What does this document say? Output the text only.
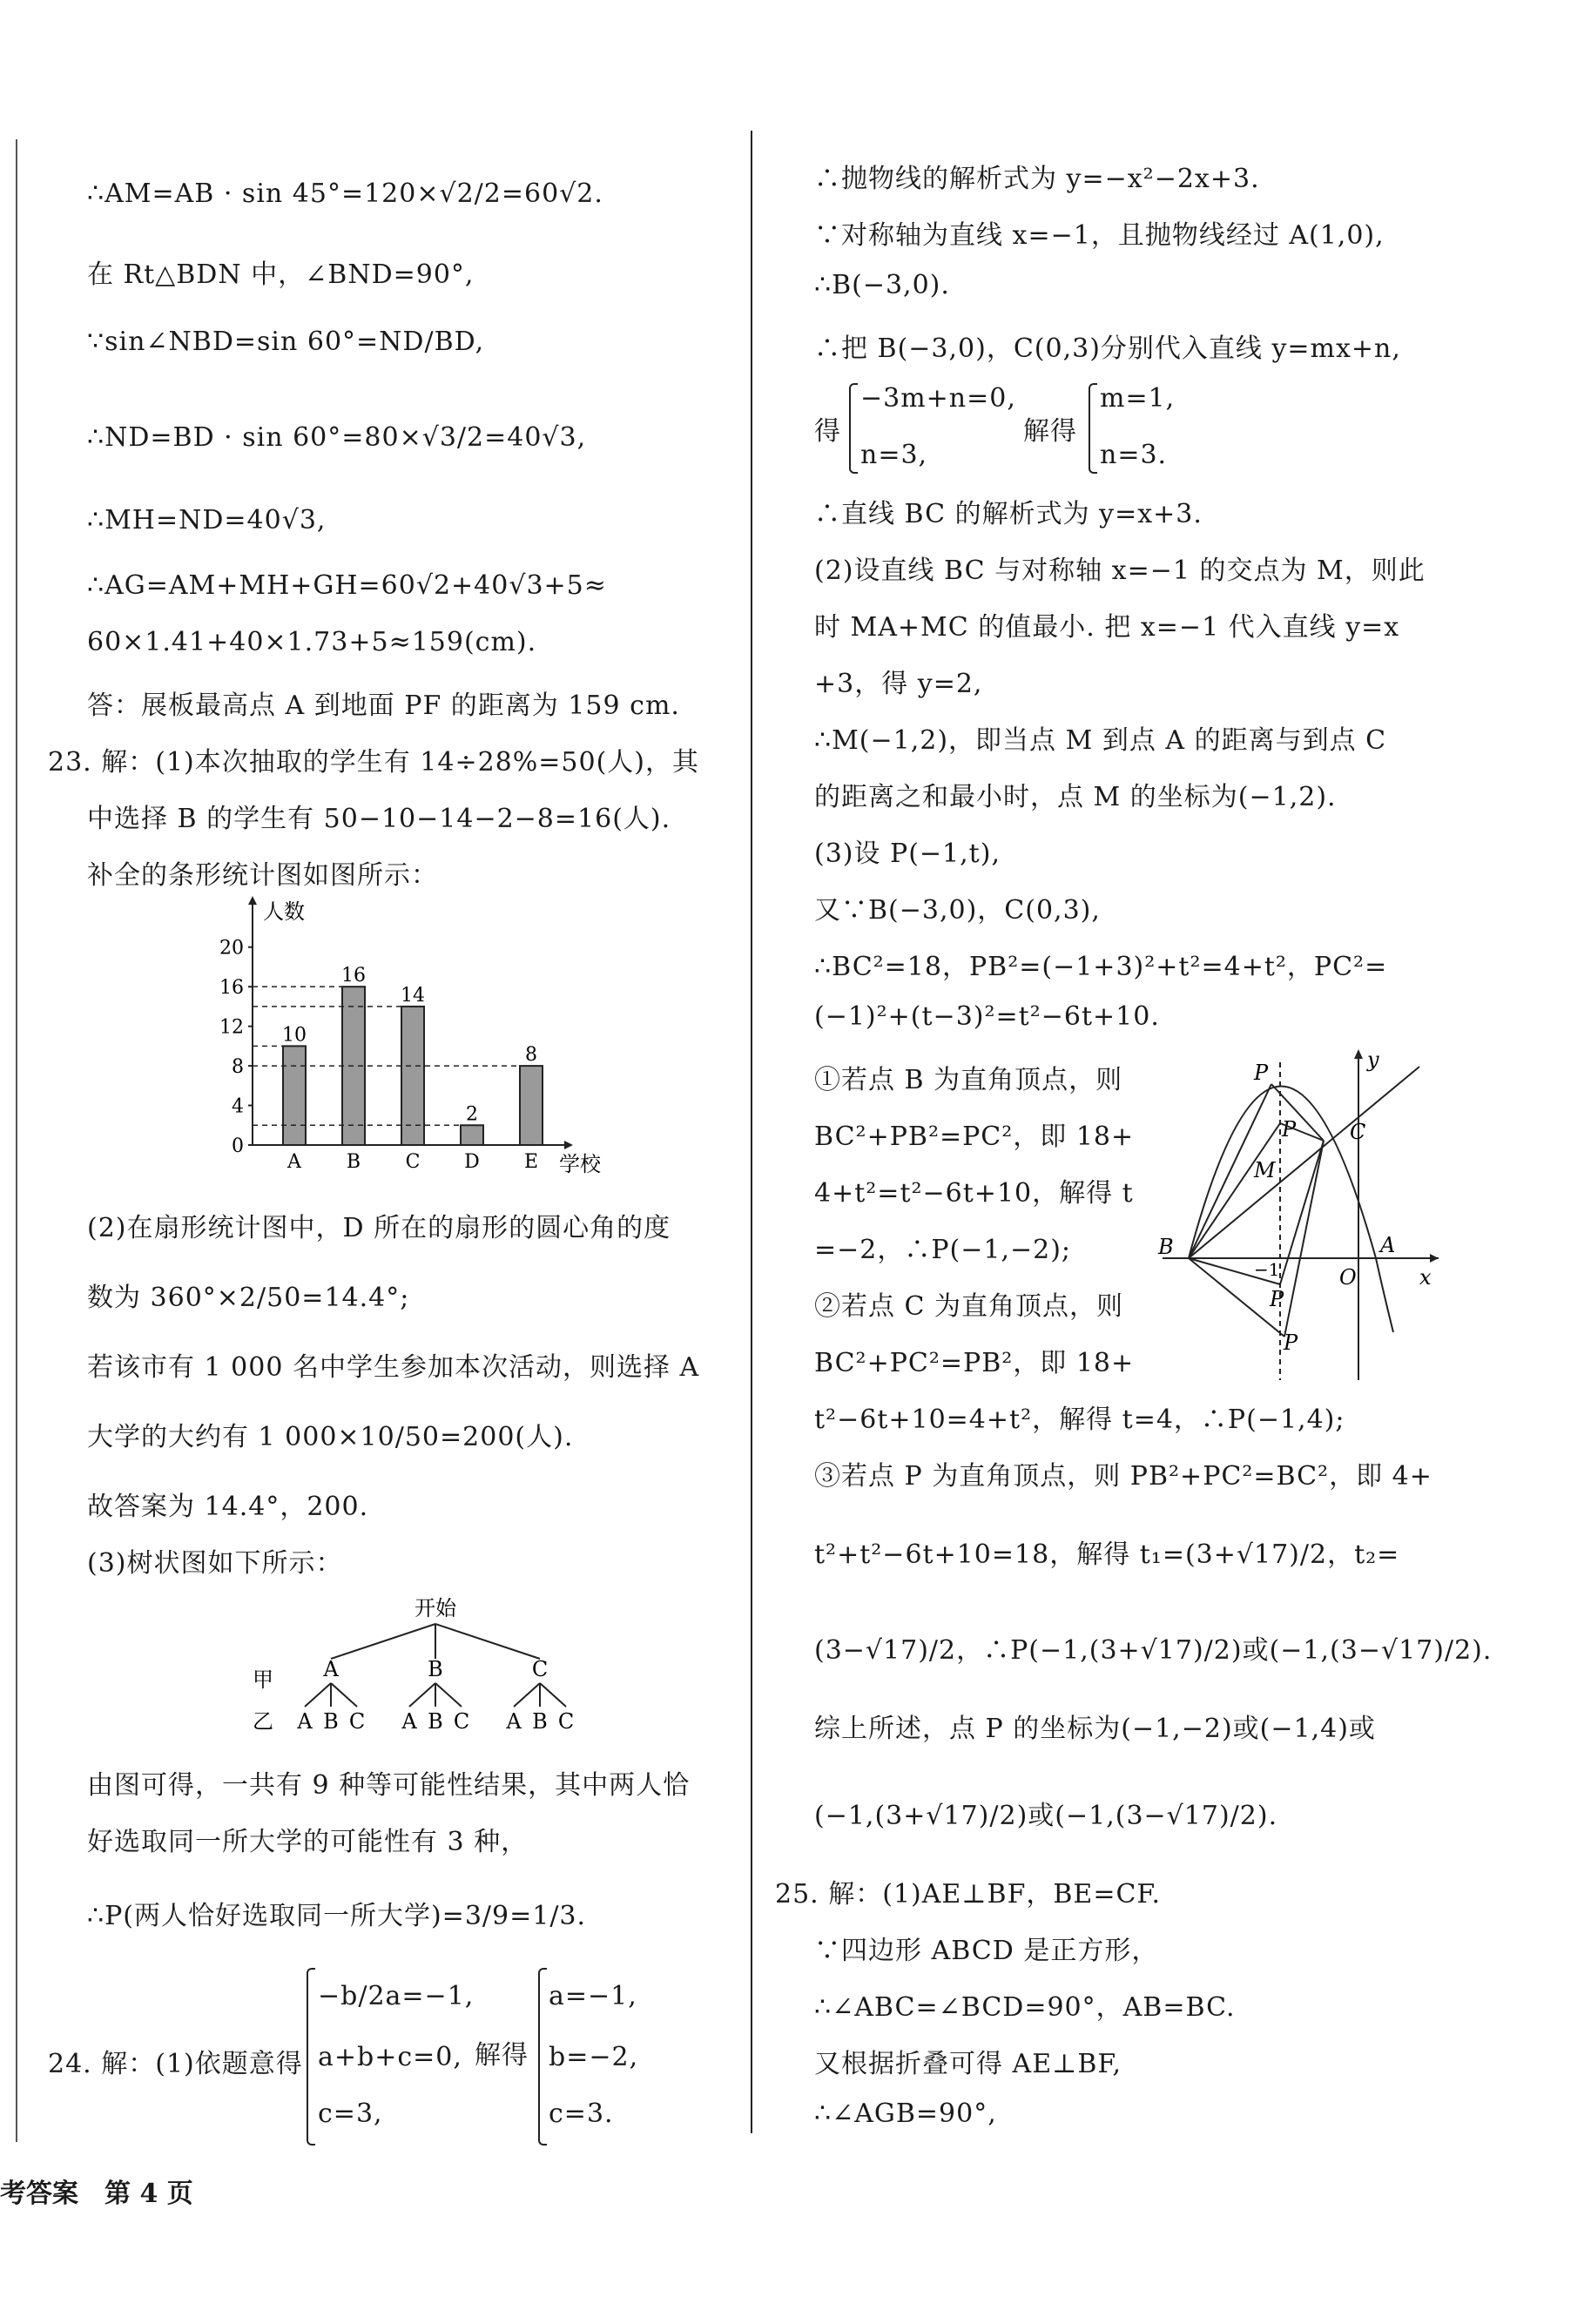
∴AM=AB · sin 45°=120×√2/2=60√2.
在 Rt△BDN 中，∠BND=90°,
∵sin∠NBD=sin 60°=ND/BD,
∴ND=BD · sin 60°=80×√3/2=40√3,
∴MH=ND=40√3,
∴AG=AM+MH+GH=60√2+40√3+5≈
60×1.41+40×1.73+5≈159(cm).
答：展板最高点 A 到地面 PF 的距离为 159 cm.
23. 解：(1)本次抽取的学生有 14÷28%=50(人)，其
中选择 B 的学生有 50−10−14−2−8=16(人).
补全的条形统计图如图所示：
人数
学校
0
4
8
12
16
20
10
A
16
B
14
C
2
D
8
E
(2)在扇形统计图中，D 所在的扇形的圆心角的度
数为 360°×2/50=14.4°;
若该市有 1 000 名中学生参加本次活动，则选择 A
大学的大约有 1 000×10/50=200(人).
故答案为 14.4°，200.
(3)树状图如下所示：
开始
甲 A	B	C
乙 A B C A B C A B C
由图可得，一共有 9 种等可能性结果，其中两人恰
好选取同一所大学的可能性有 3 种，
∴P(两人恰好选取同一所大学)=3/9=1/3.
24. 解：(1)依题意得
−b/2a=−1,
a+b+c=0,
c=3,
解得
a=−1,
b=−2,
c=3.
∴抛物线的解析式为 y=−x²−2x+3.
∵对称轴为直线 x=−1，且抛物线经过 A(1,0),
∴B(−3,0).
∴把 B(−3,0)，C(0,3)分别代入直线 y=mx+n,
得
−3m+n=0,
n=3,
解得
m=1,
n=3.
∴直线 BC 的解析式为 y=x+3.
(2)设直线 BC 与对称轴 x=−1 的交点为 M，则此
时 MA+MC 的值最小. 把 x=−1 代入直线 y=x
+3，得 y=2,
∴M(−1,2)，即当点 M 到点 A 的距离与到点 C
的距离之和最小时，点 M 的坐标为(−1,2).
(3)设 P(−1,t),
又∵B(−3,0)，C(0,3),
∴BC²=18，PB²=(−1+3)²+t²=4+t²，PC²=
(−1)²+(t−3)²=t²−6t+10.
①若点 B 为直角顶点，则
BC²+PB²=PC²，即 18+
4+t²=t²−6t+10，解得 t
=−2，∴P(−1,−2);
②若点 C 为直角顶点，则
BC²+PC²=PB²，即 18+
y
x
O
A
B
C
M
P
P
P
P
−1
t²−6t+10=4+t²，解得 t=4，∴P(−1,4);
③若点 P 为直角顶点，则 PB²+PC²=BC²，即 4+
t²+t²−6t+10=18，解得 t₁=(3+√17)/2，t₂=
(3−√17)/2，∴P(−1,(3+√17)/2)或(−1,(3−√17)/2).
综上所述，点 P 的坐标为(−1,−2)或(−1,4)或
(−1,(3+√17)/2)或(−1,(3−√17)/2).
25. 解：(1)AE⊥BF，BE=CF.
∵四边形 ABCD 是正方形，
∴∠ABC=∠BCD=90°，AB=BC.
又根据折叠可得 AE⊥BF,
∴∠AGB=90°,
考答案　第 4 页
